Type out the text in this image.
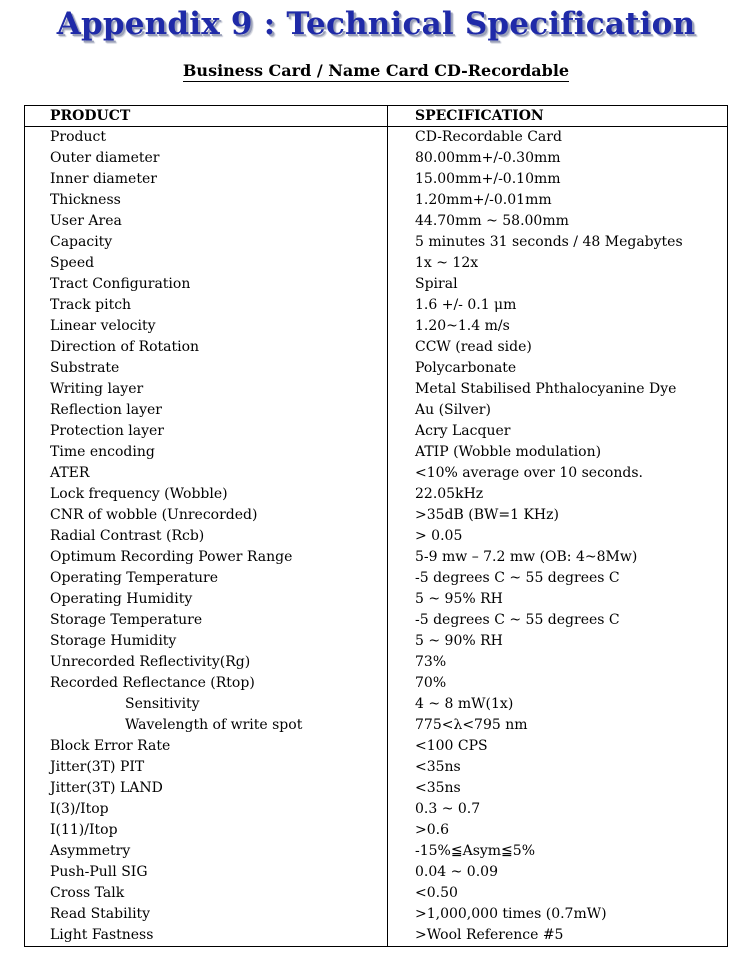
Appendix 9 : Technical Specification
Business Card / Name Card CD-Recordable
PRODUCT	SPECIFICATION
Product	CD-Recordable Card
Outer diameter	80.00mm+/-0.30mm
Inner diameter	15.00mm+/-0.10mm
Thickness	1.20mm+/-0.01mm
User Area	44.70mm ~ 58.00mm
Capacity	5 minutes 31 seconds / 48 Megabytes
Speed	1x ~ 12x
Tract Configuration	Spiral
Track pitch	1.6 +/- 0.1 μm
Linear velocity	1.20~1.4 m/s
Direction of Rotation	CCW (read side)
Substrate	Polycarbonate
Writing layer	Metal Stabilised Phthalocyanine Dye
Reflection layer	Au (Silver)
Protection layer	Acry Lacquer
Time encoding	ATIP (Wobble modulation)
ATER	<10% average over 10 seconds.
Lock frequency (Wobble)	22.05kHz
CNR of wobble (Unrecorded)	>35dB (BW=1 KHz)
Radial Contrast (Rcb)	> 0.05
Optimum Recording Power Range	5-9 mw – 7.2 mw (OB: 4~8Mw)
Operating Temperature	-5 degrees C ~ 55 degrees C
Operating Humidity	5 ~ 95% RH
Storage Temperature	-5 degrees C ~ 55 degrees C
Storage Humidity	5 ~ 90% RH
Unrecorded Reflectivity(Rg)	73%
Recorded Reflectance (Rtop)	70%
Sensitivity	4 ~ 8 mW(1x)
Wavelength of write spot	775<λ<795 nm
Block Error Rate	<100 CPS
Jitter(3T) PIT	<35ns
Jitter(3T) LAND	<35ns
I(3)/Itop	0.3 ~ 0.7
I(11)/Itop	>0.6
Asymmetry	-15%≦Asym≦5%
Push-Pull SIG	0.04 ~ 0.09
Cross Talk	<0.50
Read Stability	>1,000,000 times (0.7mW)
Light Fastness	>Wool Reference #5
